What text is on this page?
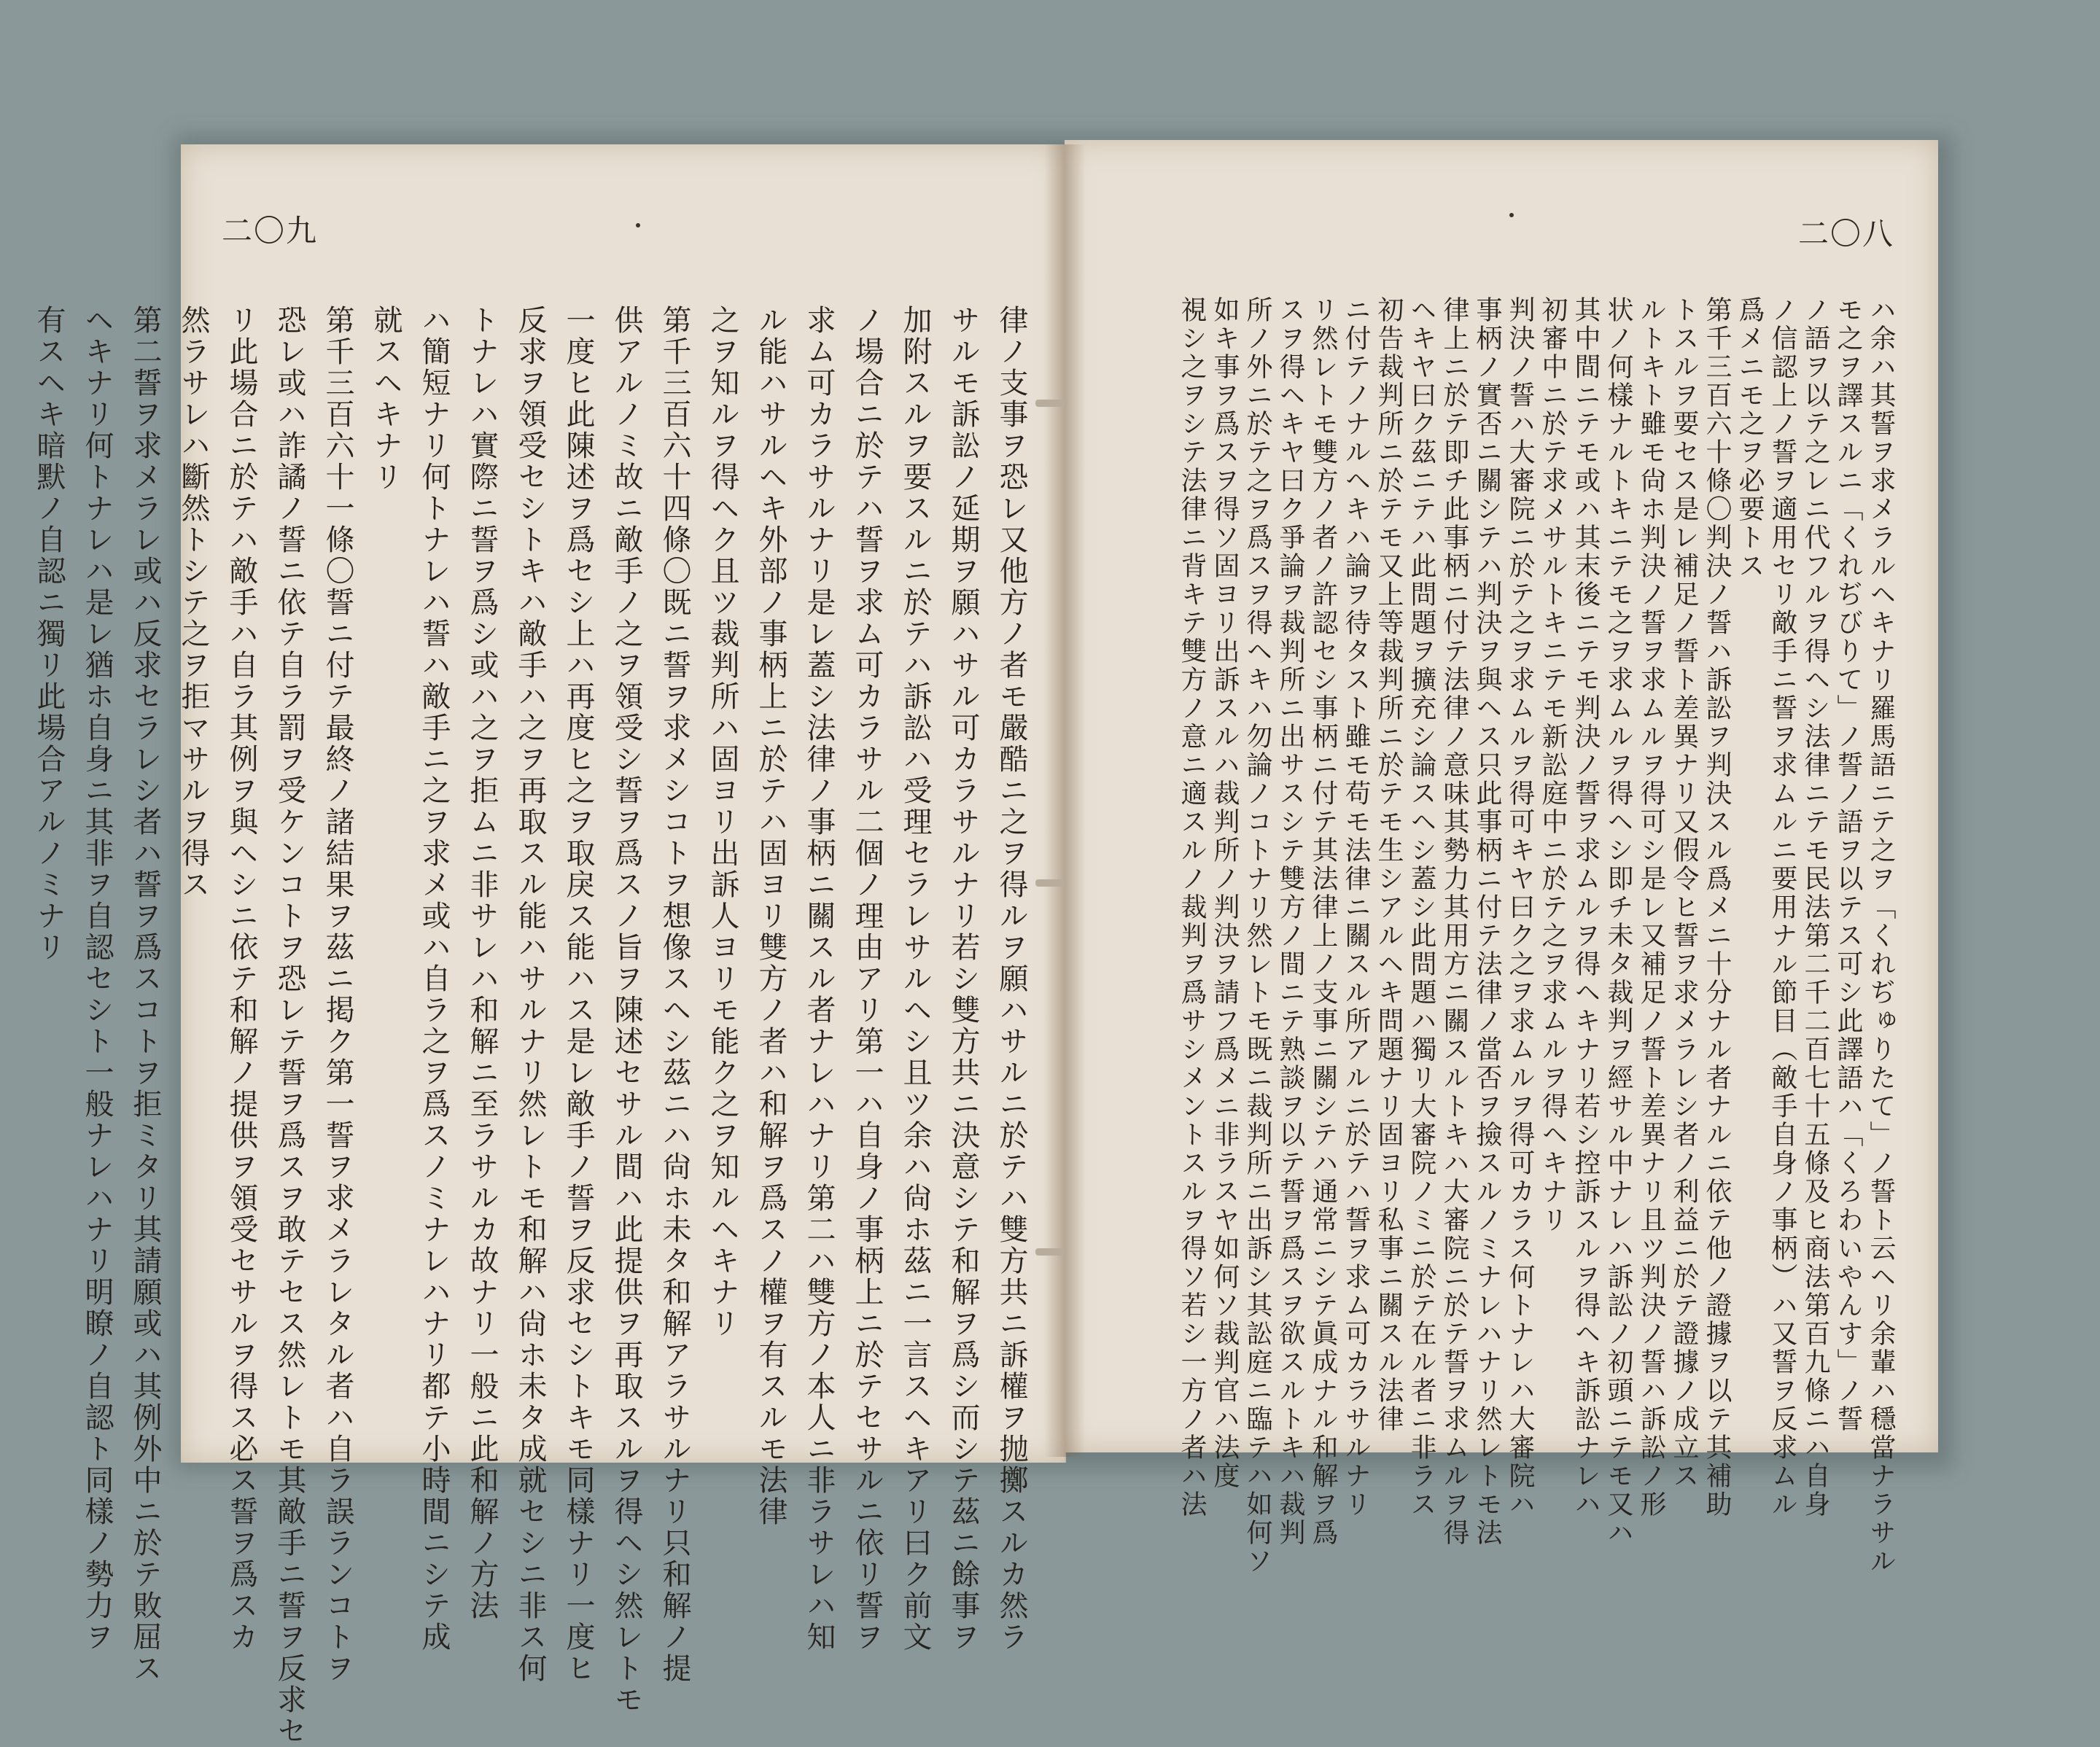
二〇九
律ノ支事ヲ恐レ又他方ノ者モ嚴酷ニ之ヲ得ルヲ願ハサルニ於テハ雙方共ニ訴權ヲ抛擲スルカ然ラ
サルモ訴訟ノ延期ヲ願ハサル可カラサルナリ若シ雙方共ニ決意シテ和解ヲ爲シ而シテ茲ニ餘事ヲ
加附スルヲ要スルニ於テハ訴訟ハ受理セラレサルヘシ且ツ余ハ尙ホ茲ニ一言スヘキアリ曰ク前文
ノ場合ニ於テハ誓ヲ求ム可カラサル二個ノ理由アリ第一ハ自身ノ事柄上ニ於テセサルニ依リ誓ヲ
求ム可カラサルナリ是レ蓋シ法律ノ事柄ニ關スル者ナレハナリ第二ハ雙方ノ本人ニ非ラサレハ知
ル能ハサルヘキ外部ノ事柄上ニ於テハ固ヨリ雙方ノ者ハ和解ヲ爲スノ權ヲ有スルモ法律
之ヲ知ルヲ得ヘク且ツ裁判所ハ固ヨリ出訴人ヨリモ能ク之ヲ知ルヘキナリ
第千三百六十四條〇既ニ誓ヲ求メシコトヲ想像スヘシ茲ニハ尙ホ未タ和解アラサルナリ只和解ノ提
供アルノミ故ニ敵手ノ之ヲ領受シ誓ヲ爲スノ旨ヲ陳述セサル間ハ此提供ヲ再取スルヲ得ヘシ然レトモ
一度ヒ此陳述ヲ爲セシ上ハ再度ヒ之ヲ取戾ス能ハス是レ敵手ノ誓ヲ反求セシトキモ同樣ナリ一度ヒ
反求ヲ領受セシトキハ敵手ハ之ヲ再取スル能ハサルナリ然レトモ和解ハ尙ホ未タ成就セシニ非ス何
トナレハ實際ニ誓ヲ爲シ或ハ之ヲ拒ムニ非サレハ和解ニ至ラサルカ故ナリ一般ニ此和解ノ方法
ハ簡短ナリ何トナレハ誓ハ敵手ニ之ヲ求メ或ハ自ラ之ヲ爲スノミナレハナリ都テ小時間ニシテ成
就スヘキナリ
第千三百六十一條〇誓ニ付テ最終ノ諸結果ヲ茲ニ掲ク第一誓ヲ求メラレタル者ハ自ラ誤ランコトヲ
恐レ或ハ詐譎ノ誓ニ依テ自ラ罰ヲ受ケンコトヲ恐レテ誓ヲ爲スヲ敢テセス然レトモ其敵手ニ誓ヲ反求セ
リ此場合ニ於テハ敵手ハ自ラ其例ヲ與ヘシニ依テ和解ノ提供ヲ領受セサルヲ得ス必ス誓ヲ爲スカ
然ラサレハ斷然トシテ之ヲ拒マサルヲ得ス
第二誓ヲ求メラレ或ハ反求セラレシ者ハ誓ヲ爲スコトヲ拒ミタリ其請願或ハ其例外中ニ於テ敗屈ス
ヘキナリ何トナレハ是レ猶ホ自身ニ其非ヲ自認セシト一般ナレハナリ明瞭ノ自認ト同樣ノ勢力ヲ
有スヘキ暗默ノ自認ニ獨リ此場合アルノミナリ
二〇八
ハ余ハ其誓ヲ求メラルヘキナリ羅馬語ニテ之ヲ「くれぢゅりたて」ノ誓ト云ヘリ余輩ハ穩當ナラサル
モ之ヲ譯スルニ「くれぢびりて」ノ誓ノ語ヲ以テス可シ此譯語ハ「くろわいやんす」ノ誓
ノ語ヲ以テ之レニ代フルヲ得ヘシ法律ニテモ民法第二千二百七十五條及ヒ商法第百九條ニハ自身
ノ信認上ノ誓ヲ適用セリ敵手ニ誓ヲ求ムルニ要用ナル節目（敵手自身ノ事柄）ハ又誓ヲ反求ムル
爲メニモ之ヲ必要トス
第千三百六十條〇判決ノ誓ハ訴訟ヲ判決スル爲メニ十分ナル者ナルニ依テ他ノ證據ヲ以テ其補助
トスルヲ要セス是レ補足ノ誓ト差異ナリ又假令ヒ誓ヲ求メラレシ者ノ利益ニ於テ證據ノ成立ス
ルトキト雖モ尙ホ判決ノ誓ヲ求ムルヲ得可シ是レ又補足ノ誓ト差異ナリ且ツ判決ノ誓ハ訴訟ノ形
状ノ何樣ナルトキニテモ之ヲ求ムルヲ得ヘシ即チ未タ裁判ヲ經サル中ナレハ訴訟ノ初頭ニテモ又ハ
其中間ニテモ或ハ其末後ニテモ判決ノ誓ヲ求ムルヲ得ヘキナリ若シ控訴スルヲ得ヘキ訴訟ナレハ
初審中ニ於テ求メサルトキニテモ新訟庭中ニ於テ之ヲ求ムルヲ得ヘキナリ
判決ノ誓ハ大審院ニ於テ之ヲ求ムルヲ得可キヤ曰ク之ヲ求ムルヲ得可カラス何トナレハ大審院ハ
事柄ノ實否ニ關シテハ判決ヲ與ヘス只此事柄ニ付テ法律ノ當否ヲ撿スルノミナレハナリ然レトモ法
律上ニ於テ即チ此事柄ニ付テ法律ノ意味其勢力其用方ニ關スルトキハ大審院ニ於テ誓ヲ求ムルヲ得
ヘキヤ曰ク茲ニテハ此問題ヲ擴充シ論スヘシ蓋シ此問題ハ獨リ大審院ノミニ於テ在ル者ニ非ラス
初告裁判所ニ於テモ又上等裁判所ニ於テモ生シアルヘキ問題ナリ固ヨリ私事ニ關スル法律
ニ付テノナルヘキハ論ヲ待タスト雖モ苟モ法律ニ關スル所アルニ於テハ誓ヲ求ム可カラサルナリ
リ然レトモ雙方ノ者ノ許認セシ事柄ニ付テ其法律上ノ支事ニ關シテハ通常ニシテ眞成ナル和解ヲ爲
スヲ得ヘキヤ曰ク爭論ヲ裁判所ニ出サスシテ雙方ノ間ニテ熟談ヲ以テ誓ヲ爲スヲ欲スルトキハ裁判
所ノ外ニ於テ之ヲ爲スヲ得ヘキハ勿論ノコトナリ然レトモ既ニ裁判所ニ出訴シ其訟庭ニ臨テハ如何ソ
如キ事ヲ爲スヲ得ソ固ヨリ出訴スルハ裁判所ノ判決ヲ請フ爲メニ非ラスヤ如何ソ裁判官ハ法度
視シ之ヲシテ法律ニ背キテ雙方ノ意ニ適スルノ裁判ヲ爲サシメントスルヲ得ソ若シ一方ノ者ハ法
